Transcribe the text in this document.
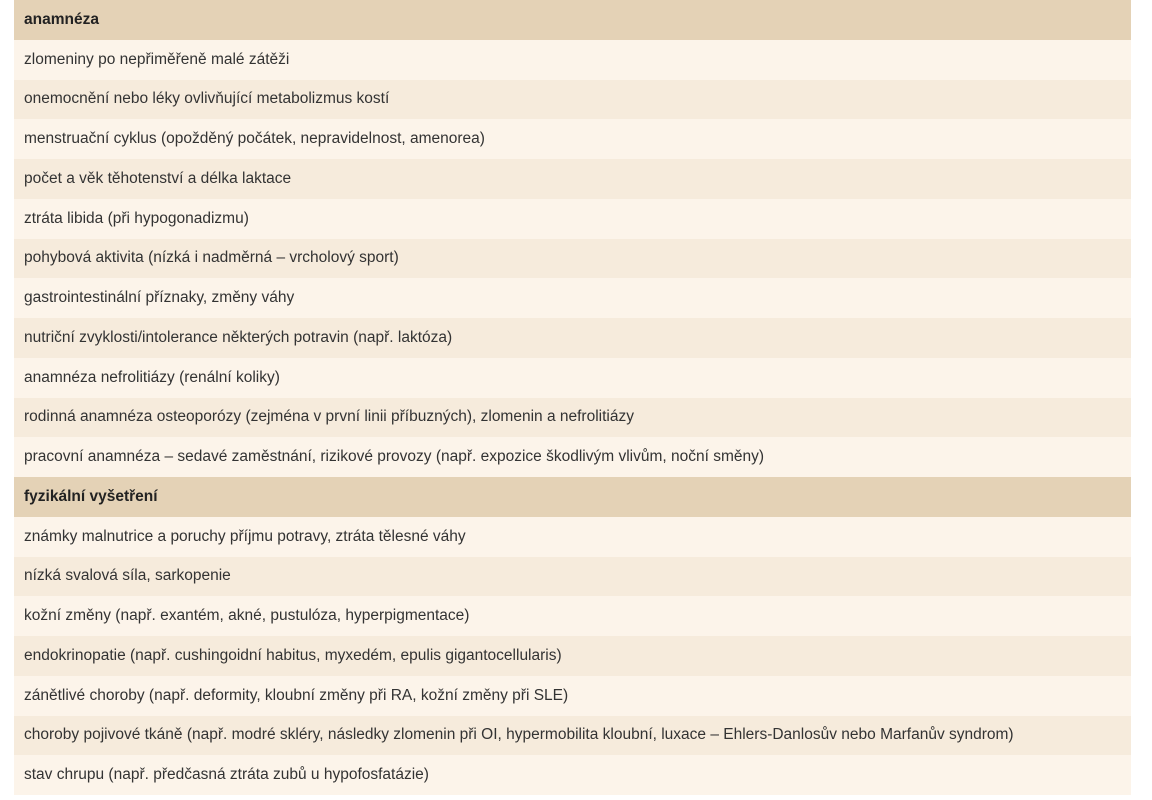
anamnéza
zlomeniny po nepřiměřeně malé zátěži
onemocnění nebo léky ovlivňující metabolizmus kostí
menstruační cyklus (opožděný počátek, nepravidelnost, amenorea)
počet a věk těhotenství a délka laktace
ztráta libida (při hypogonadizmu)
pohybová aktivita (nízká i nadměrná – vrcholový sport)
gastrointestinální příznaky, změny váhy
nutriční zvyklosti/intolerance některých potravin (např. laktóza)
anamnéza nefrolitiázy (renální koliky)
rodinná anamnéza osteoporózy (zejména v první linii příbuzných), zlomenin a nefrolitiázy
pracovní anamnéza – sedavé zaměstnání, rizikové provozy (např. expozice škodlivým vlivům, noční směny)
fyzikální vyšetření
známky malnutrice a poruchy příjmu potravy, ztráta tělesné váhy
nízká svalová síla, sarkopenie
kožní změny (např. exantém, akné, pustulóza, hyperpigmentace)
endokrinopatie (např. cushingoidní habitus, myxedém, epulis gigantocellularis)
zánětlivé choroby (např. deformity, kloubní změny při RA, kožní změny při SLE)
choroby pojivové tkáně (např. modré skléry, následky zlomenin při OI, hypermobilita kloubní, luxace – Ehlers-Danlosův nebo Marfanův syndrom)
stav chrupu (např. předčasná ztráta zubů u hypofosfatázie)
